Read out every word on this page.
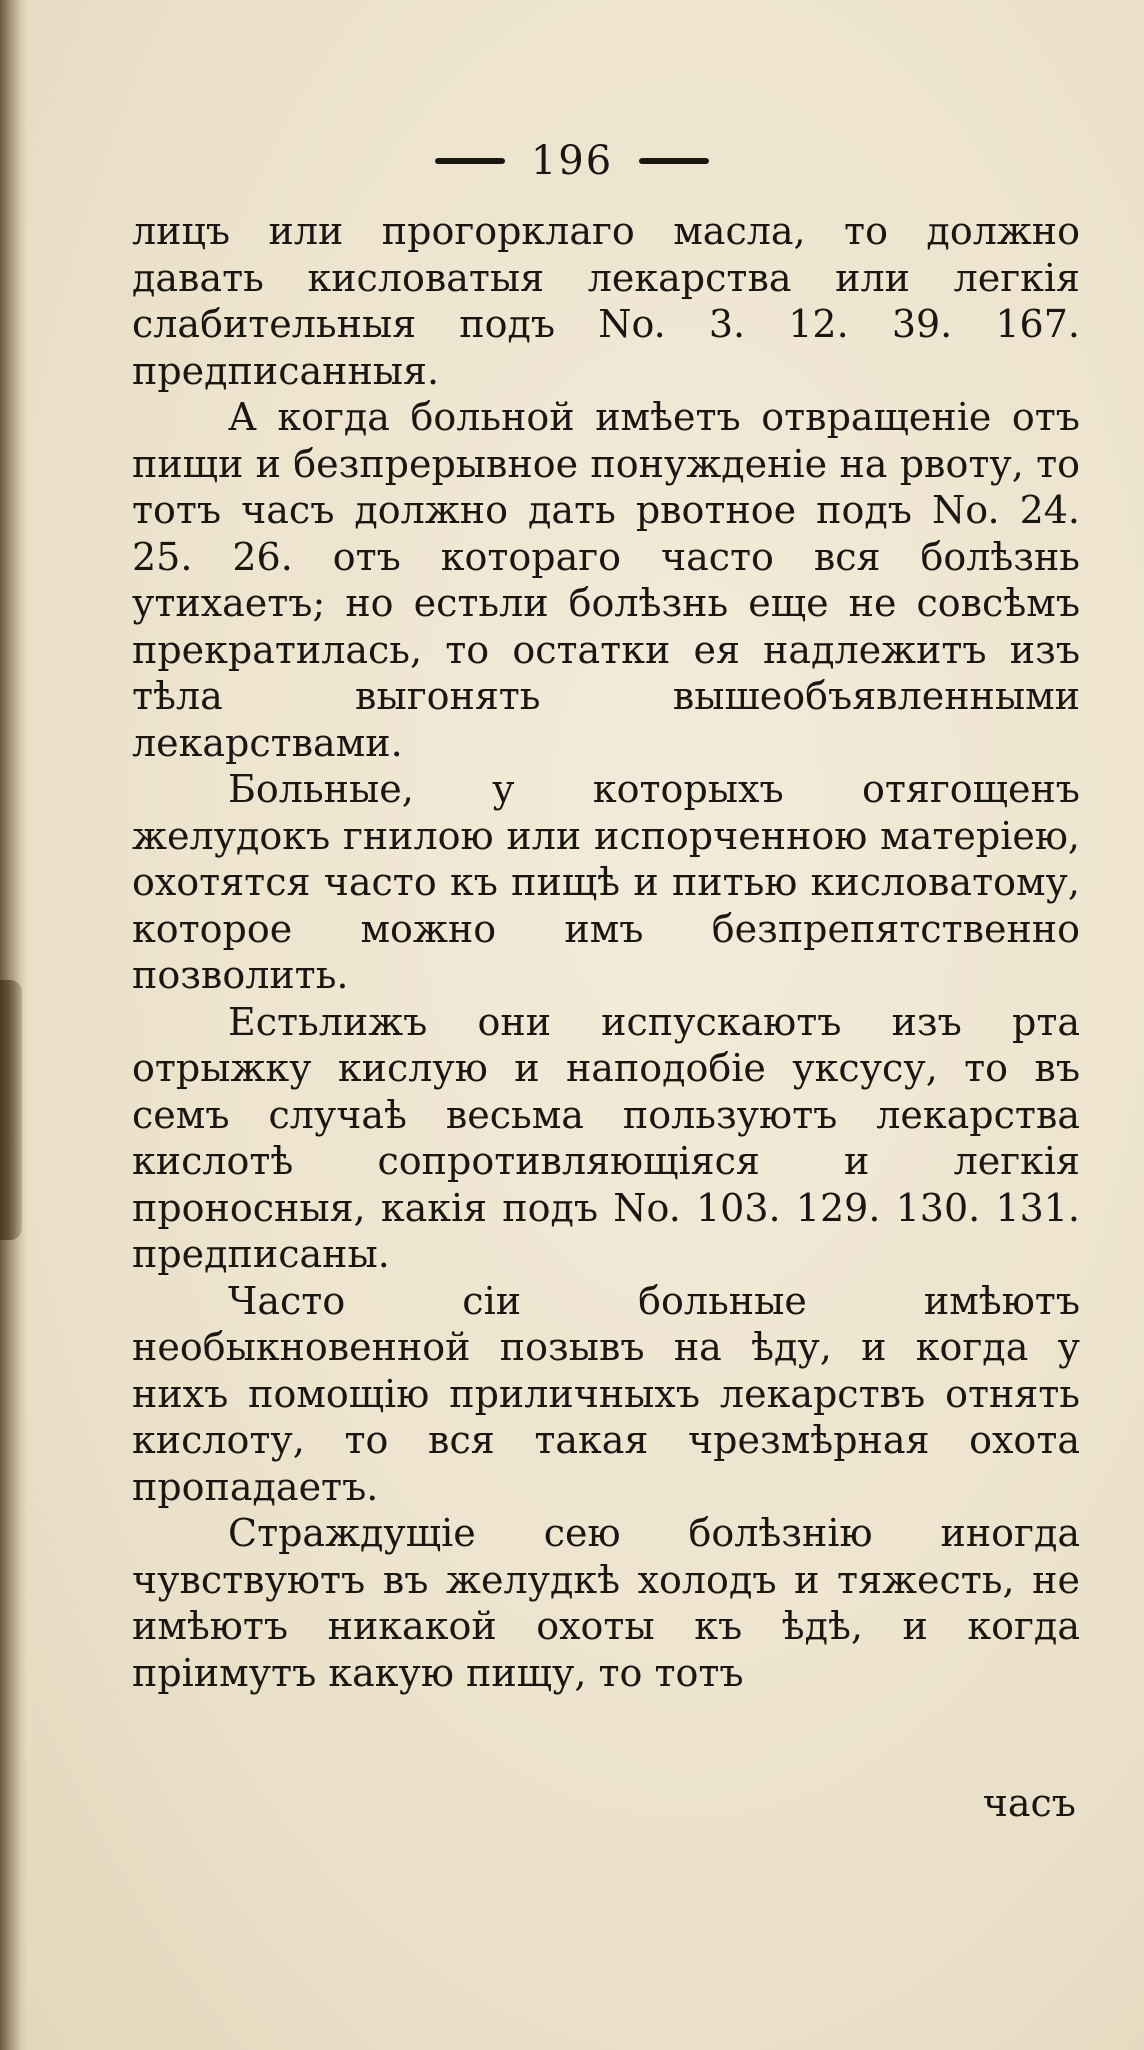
196

лицъ или прогорклаго масла, то должно давать кисловатыя лекарства или легкія слабительныя подъ No. 3. 12. 39. 167. предписанныя.

А когда больной имѣетъ отвращеніе отъ пищи и безпрерывное понужденіе на рвоту, то тотъ часъ должно дать рвотное подъ No. 24. 25. 26. отъ котораго часто вся болѣзнь утихаетъ; но естьли болѣзнь еще не совсѣмъ прекратилась, то остатки ея надлежитъ изъ тѣла выгонять вышеобъявленными лекарствами.

Больные, у которыхъ отягощенъ желудокъ гнилою или испорченною матеріею, охотятся часто къ пищѣ и питью кисловатому, которое можно имъ безпрепятственно позволить.

Естьлижъ они испускаютъ изъ рта отрыжку кислую и наподобіе уксусу, то въ семъ случаѣ весьма пользуютъ лекарства кислотѣ сопротивляющіяся и легкія проносныя, какія подъ No. 103. 129. 130. 131. предписаны.

Часто сіи больные имѣютъ необыкновенной позывъ на ѣду, и когда у нихъ помощію приличныхъ лекарствъ отнять кислоту, то вся такая чрезмѣрная охота пропадаетъ.

Страждущіе сею болѣзнію иногда чувствуютъ въ желудкѣ холодъ и тяжесть, не имѣютъ никакой охоты къ ѣдѣ, и когда пріимутъ какую пищу, то тотъ

часъ
